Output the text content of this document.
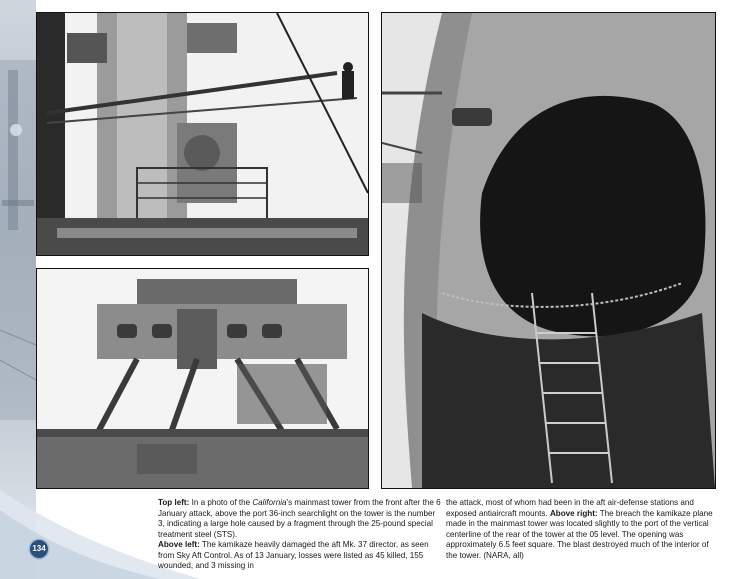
Top left: In a photo of the California's mainmast tower from the front after the 6 January attack, above the port 36-inch searchlight on the tower is the number 3, indicating a large hole caused by a fragment through the 25-pound special treatment steel (STS).
Above left: The kamikaze heavily damaged the aft Mk. 37 director, as seen from Sky Aft Control. As of 13 January, losses were listed as 45 killed, 155 wounded, and 3 missing in
the attack, most of whom had been in the aft air-defense stations and exposed antiaircraft mounts. Above right: The breach the kamikaze plane made in the mainmast tower was located slightly to the port of the vertical centerline of the rear of the tower at the 05 level. The opening was approximately 6.5 feet square. The blast destroyed much of the interior of the tower. (NARA, all)
134
